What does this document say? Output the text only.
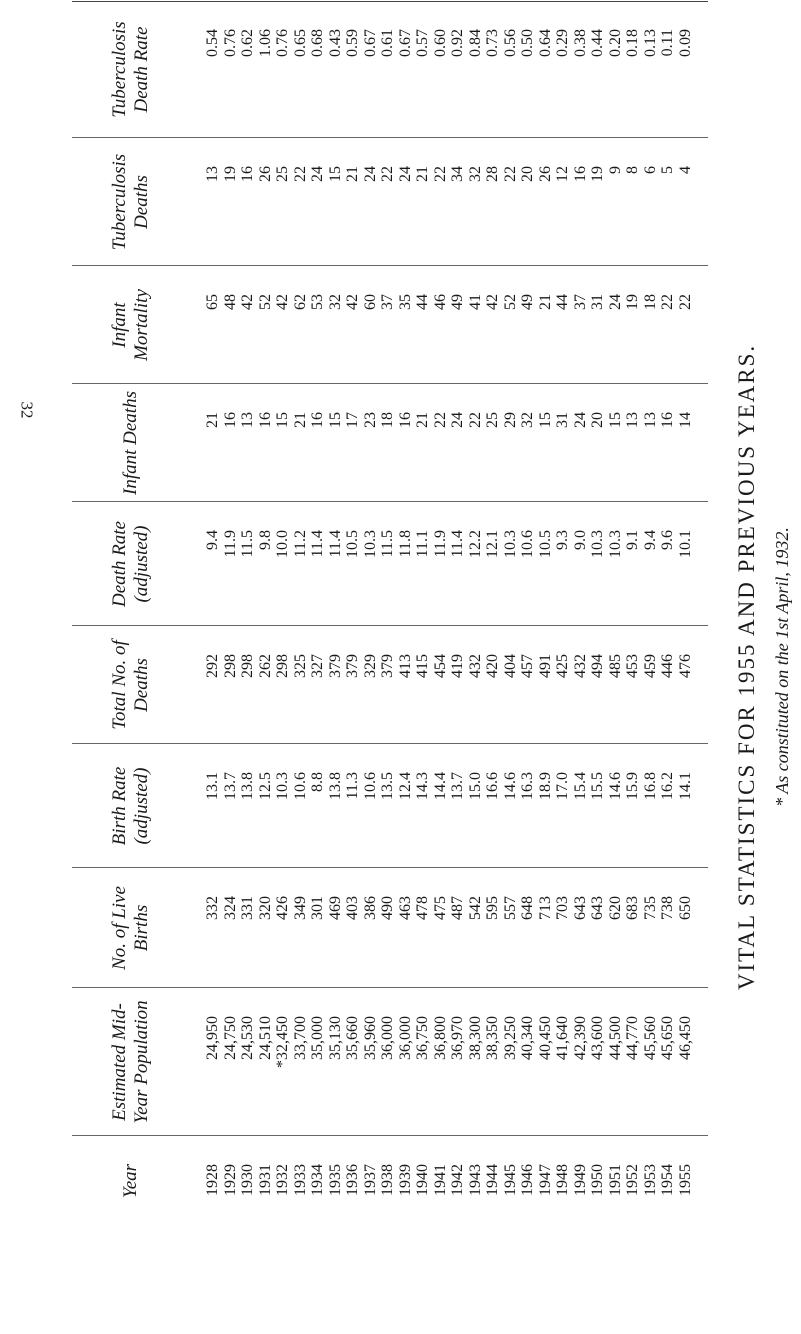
VITAL STATISTICS FOR 1955 AND PREVIOUS YEARS.
Year
Estimated Mid-Year Population
No. of Live Births
Birth Rate (adjusted)
Total No. of Deaths
Death Rate (adjusted)
Infant Deaths
Infant Mortality
Tuberculosis Deaths
Tuberculosis Death Rate
1928 1929 1930 1931 1932 1933 1934 1935 1936 1937 1938 1939 1940 1941 1942 1943 1944 1945 1946 1947 1948 1949 1950 1951 1952 1953 1954 1955
24,950 24,750 24,530 24,510 *32,450 33,700 35,000 35,130 35,660 35,960 36,000 36,000 36,750 36,800 36,970 38,300 38,350 39,250 40,340 40,450 41,640 42,390 43,600 44,500 44,770 45,560 45,650 46,450
332 324 331 320 426 349 301 469 403 386 490 463 478 475 487 542 595 557 648 713 703 643 643 620 683 735 738 650
13.1 13.7 13.8 12.5 10.3 10.6 8.8 13.8 11.3 10.6 13.5 12.4 14.3 14.4 13.7 15.0 16.6 14.6 16.3 18.9 17.0 15.4 15.5 14.6 15.9 16.8 16.2 14.1
292 298 298 262 298 325 327 379 379 329 379 413 415 454 419 432 420 404 457 491 425 432 494 485 453 459 446 476
9.4 11.9 11.5 9.8 10.0 11.2 11.4 11.4 10.5 10.3 11.5 11.8 11.1 11.9 11.4 12.2 12.1 10.3 10.6 10.5 9.3 9.0 10.3 10.3 9.1 9.4 9.6 10.1
21 16 13 16 15 21 16 15 17 23 18 16 21 22 24 22 25 29 32 15 31 24 20 15 13 13 16 14
65 48 42 52 42 62 53 32 42 60 37 35 44 46 49 41 42 52 49 21 44 37 31 24 19 18 22 22
13 19 16 26 25 22 24 15 21 24 22 24 21 22 34 32 28 22 20 26 12 16 19 9 8 6 5 4
0.54 0.76 0.62 1.06 0.76 0.65 0.68 0.43 0.59 0.67 0.61 0.67 0.57 0.60 0.92 0.84 0.73 0.56 0.50 0.64 0.29 0.38 0.44 0.20 0.18 0.13 0.11 0.09
* As constituted on the 1st April, 1932.
32
